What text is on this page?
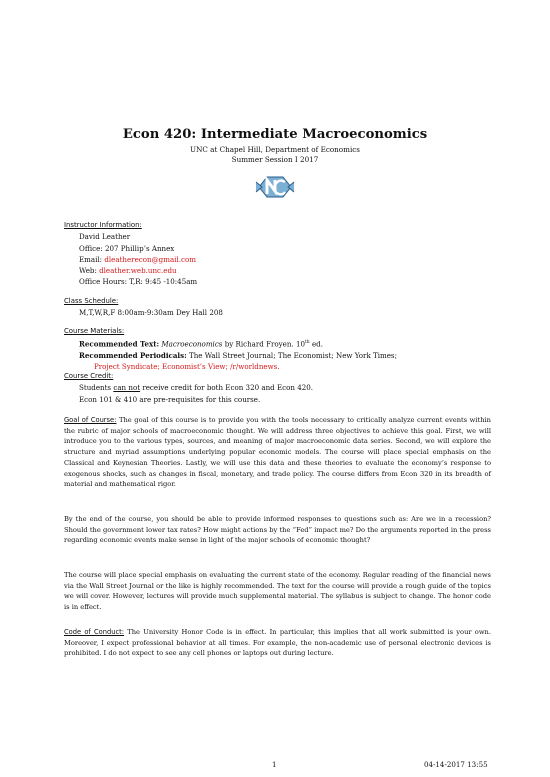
Econ 420: Intermediate Macroeconomics
UNC at Chapel Hill, Department of Economics
Summer Session I 2017
Instructor Information:
David Leather
Office: 207 Phillip’s Annex
Email: dleatherecon@gmail.com
Web: dleather.web.unc.edu
Office Hours: T,R: 9:45 -10:45am
Class Schedule:
M,T,W,R,F 8:00am-9:30am Dey Hall 208
Course Materials:
Recommended Text: Macroeconomics by Richard Froyen. 10th ed.
Recommended Periodicals: The Wall Street Journal; The Economist; New York Times;
Project Syndicate; Economist’s View; /r/worldnews.
Course Credit:
Students can not receive credit for both Econ 320 and Econ 420.
Econ 101 & 410 are pre-requisites for this course.
Goal of Course: The goal of this course is to provide you with the tools necessary to critically analyze current events within the rubric of major schools of macroeconomic thought. We will address three objectives to achieve this goal. First, we will introduce you to the various types, sources, and meaning of major macroeconomic data series. Second, we will explore the structure and myriad assumptions underlying popular economic models. The course will place special emphasis on the Classical and Keynesian Theories. Lastly, we will use this data and these theories to evaluate the economy’s response to exogenous shocks, such as changes in fiscal, monetary, and trade policy. The course differs from Econ 320 in its breadth of material and mathematical rigor.
By the end of the course, you should be able to provide informed responses to questions such as: Are we in a recession? Should the government lower tax rates? How might actions by the “Fed” impact me? Do the arguments reported in the press regarding economic events make sense in light of the major schools of economic thought?
The course will place special emphasis on evaluating the current state of the economy. Regular reading of the financial news via the Wall Street Journal or the like is highly recommended. The text for the course will provide a rough guide of the topics we will cover. However, lectures will provide much supplemental material. The syllabus is subject to change. The honor code is in effect.
Code of Conduct: The University Honor Code is in effect. In particular, this implies that all work submitted is your own. Moreover, I expect professional behavior at all times. For example, the non-academic use of personal electronic devices is prohibited. I do not expect to see any cell phones or laptops out during lecture.
1	04-14-2017 13:55
